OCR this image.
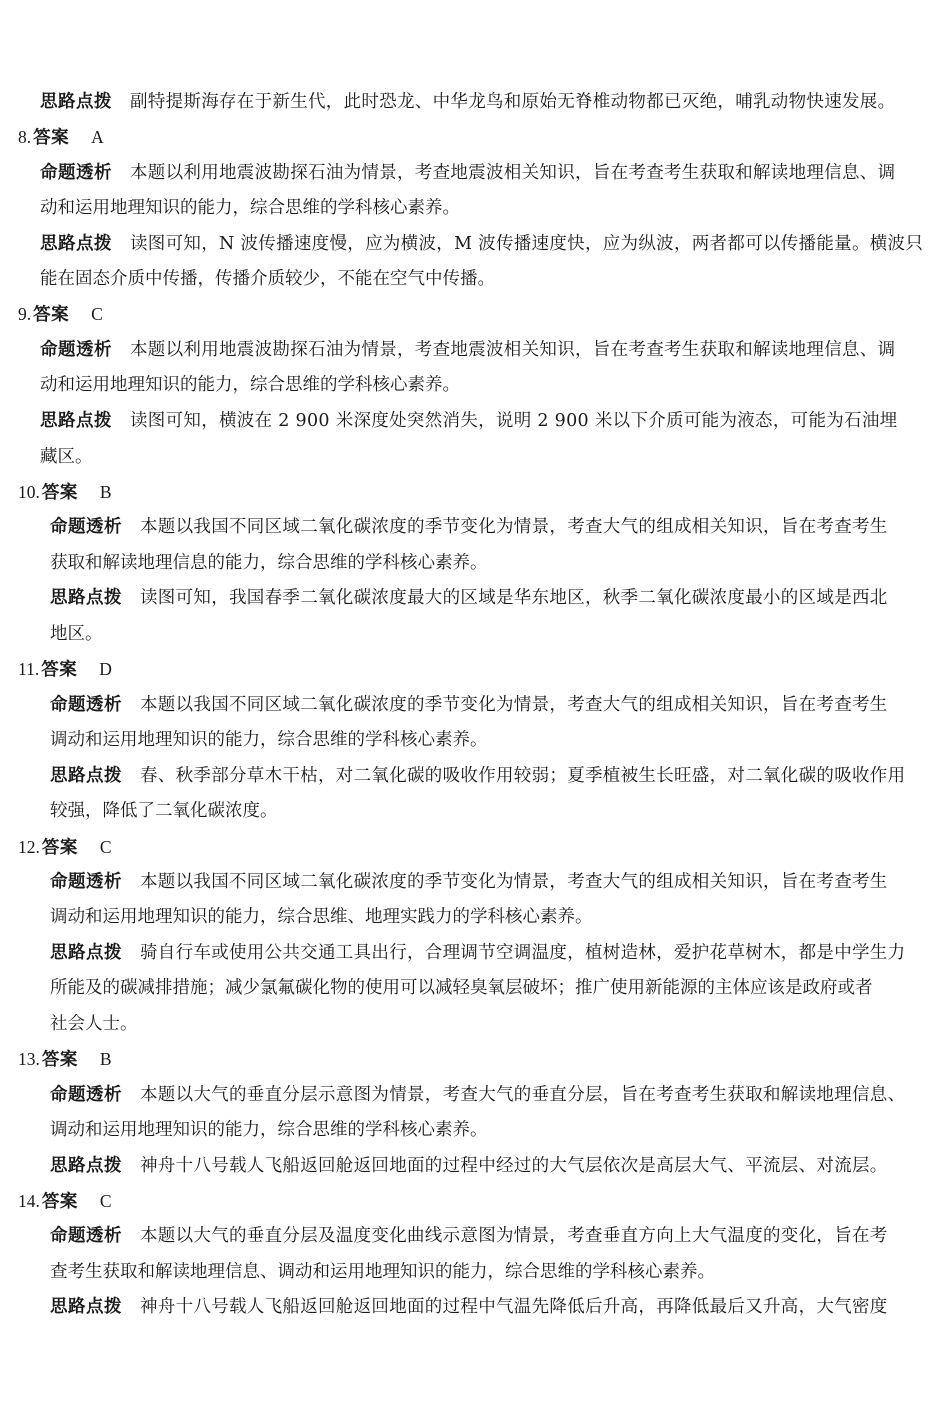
思路点拨 副特提斯海存在于新生代，此时恐龙、中华龙鸟和原始无脊椎动物都已灭绝，哺乳动物快速发展。
8. 答案 A
命题透析 本题以利用地震波勘探石油为情景，考查地震波相关知识，旨在考查考生获取和解读地理信息、调
动和运用地理知识的能力，综合思维的学科核心素养。
思路点拨 读图可知，N 波传播速度慢，应为横波，M 波传播速度快，应为纵波，两者都可以传播能量。横波只
能在固态介质中传播，传播介质较少，不能在空气中传播。
9. 答案 C
命题透析 本题以利用地震波勘探石油为情景，考查地震波相关知识，旨在考查考生获取和解读地理信息、调
动和运用地理知识的能力，综合思维的学科核心素养。
思路点拨 读图可知，横波在 2 900 米深度处突然消失，说明 2 900 米以下介质可能为液态，可能为石油埋
藏区。
10. 答案 B
命题透析 本题以我国不同区域二氧化碳浓度的季节变化为情景，考查大气的组成相关知识，旨在考查考生
获取和解读地理信息的能力，综合思维的学科核心素养。
思路点拨 读图可知，我国春季二氧化碳浓度最大的区域是华东地区，秋季二氧化碳浓度最小的区域是西北
地区。
11. 答案 D
命题透析 本题以我国不同区域二氧化碳浓度的季节变化为情景，考查大气的组成相关知识，旨在考查考生
调动和运用地理知识的能力，综合思维的学科核心素养。
思路点拨 春、秋季部分草木干枯，对二氧化碳的吸收作用较弱；夏季植被生长旺盛，对二氧化碳的吸收作用
较强，降低了二氧化碳浓度。
12. 答案 C
命题透析 本题以我国不同区域二氧化碳浓度的季节变化为情景，考查大气的组成相关知识，旨在考查考生
调动和运用地理知识的能力，综合思维、地理实践力的学科核心素养。
思路点拨 骑自行车或使用公共交通工具出行，合理调节空调温度，植树造林，爱护花草树木，都是中学生力
所能及的碳减排措施；减少氯氟碳化物的使用可以减轻臭氧层破坏；推广使用新能源的主体应该是政府或者
社会人士。
13. 答案 B
命题透析 本题以大气的垂直分层示意图为情景，考查大气的垂直分层，旨在考查考生获取和解读地理信息、
调动和运用地理知识的能力，综合思维的学科核心素养。
思路点拨 神舟十八号载人飞船返回舱返回地面的过程中经过的大气层依次是高层大气、平流层、对流层。
14. 答案 C
命题透析 本题以大气的垂直分层及温度变化曲线示意图为情景，考查垂直方向上大气温度的变化，旨在考
查考生获取和解读地理信息、调动和运用地理知识的能力，综合思维的学科核心素养。
思路点拨 神舟十八号载人飞船返回舱返回地面的过程中气温先降低后升高，再降低最后又升高，大气密度
